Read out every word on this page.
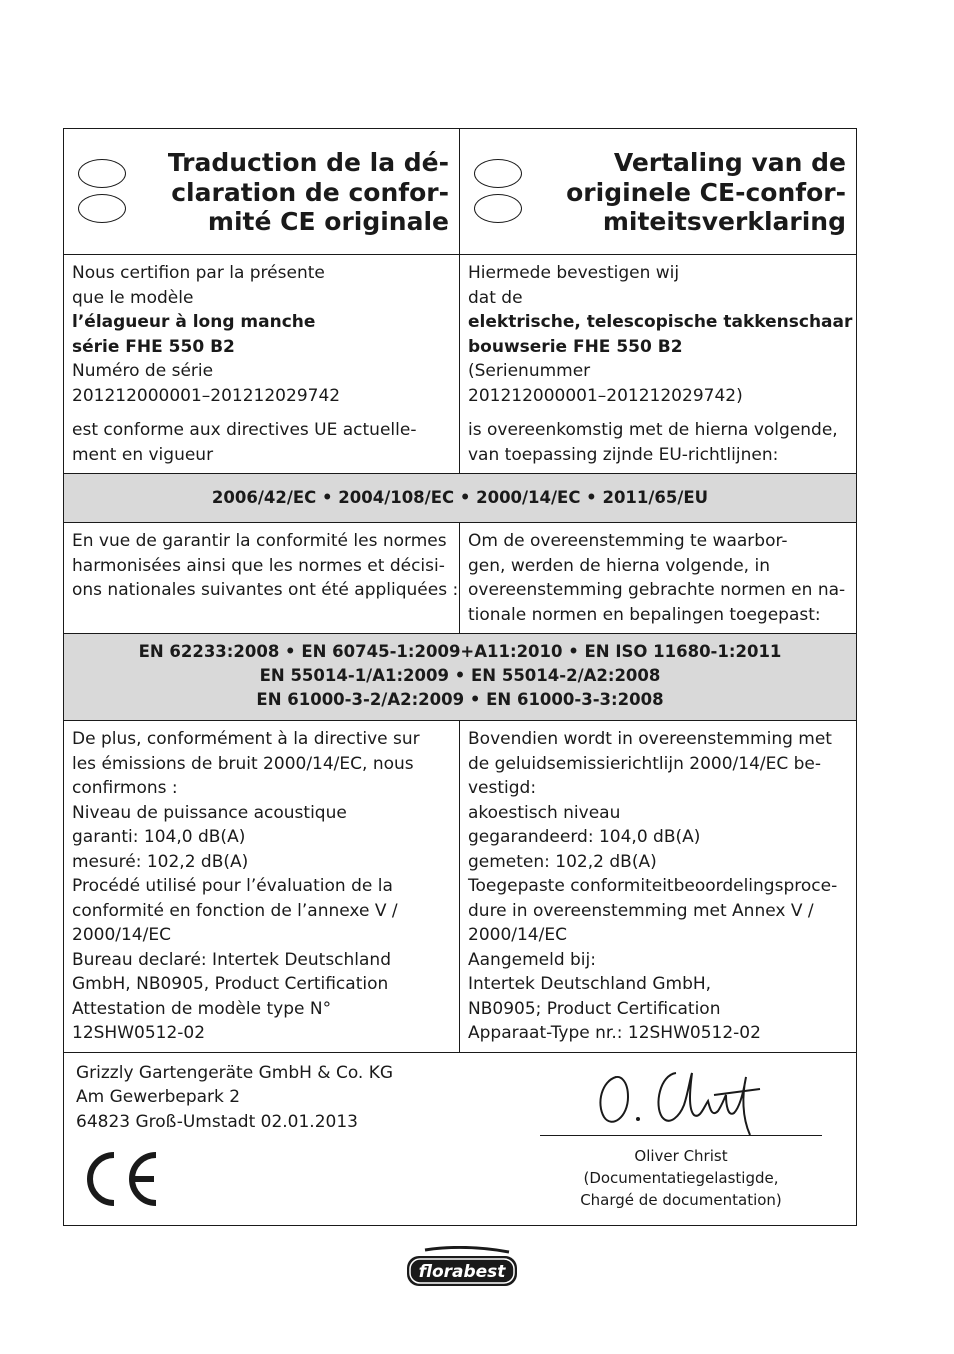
Traduction de la dé-
claration de confor-
mité CE originale
Vertaling van de
originele CE-confor-
miteitsverklaring
Nous certifion par la présente
que le modèle
l’élagueur à long manche
série FHE 550 B2
Numéro de série
201212000001–201212029742
est conforme aux directives UE actuelle-
ment en vigueur
Hiermede bevestigen wij
dat de
elektrische, telescopische takkenschaar
bouwserie FHE 550 B2
(Serienummer
201212000001–201212029742)
is overeenkomstig met de hierna volgende,
van toepassing zijnde EU-richtlijnen:
2006/42/EC • 2004/108/EC • 2000/14/EC • 2011/65/EU
En vue de garantir la conformité les normes
harmonisées ainsi que les normes et décisi-
ons nationales suivantes ont été appliquées :
Om de overeenstemming te waarbor-
gen, werden de hierna volgende, in
overeenstemming gebrachte normen en na-
tionale normen en bepalingen toegepast:
EN 62233:2008 • EN 60745-1:2009+A11:2010 • EN ISO 11680-1:2011
EN 55014-1/A1:2009 • EN 55014-2/A2:2008
EN 61000-3-2/A2:2009 • EN 61000-3-3:2008
De plus, conformément à la directive sur
les émissions de bruit 2000/14/EC, nous
confirmons :
Niveau de puissance acoustique
garanti: 104,0 dB(A)
mesuré: 102,2 dB(A)
Procédé utilisé pour l’évaluation de la
conformité en fonction de l’annexe V /
2000/14/EC
Bureau declaré: Intertek Deutschland
GmbH, NB0905, Product Certification
Attestation de modèle type N°
12SHW0512-02
Bovendien wordt in overeenstemming met
de geluidsemissierichtlijn 2000/14/EC be-
vestigd:
akoestisch niveau
gegarandeerd: 104,0 dB(A)
gemeten: 102,2 dB(A)
Toegepaste conformiteitbeoordelingsproce-
dure in overeenstemming met Annex V /
2000/14/EC
Aangemeld bij:
Intertek Deutschland GmbH,
NB0905; Product Certification
Apparaat-Type nr.: 12SHW0512-02
Grizzly Gartengeräte GmbH & Co. KG
Am Gewerbepark 2
64823 Groß-Umstadt 02.01.2013
Oliver Christ
(Documentatiegelastigde,
Chargé de documentation)
florabest
